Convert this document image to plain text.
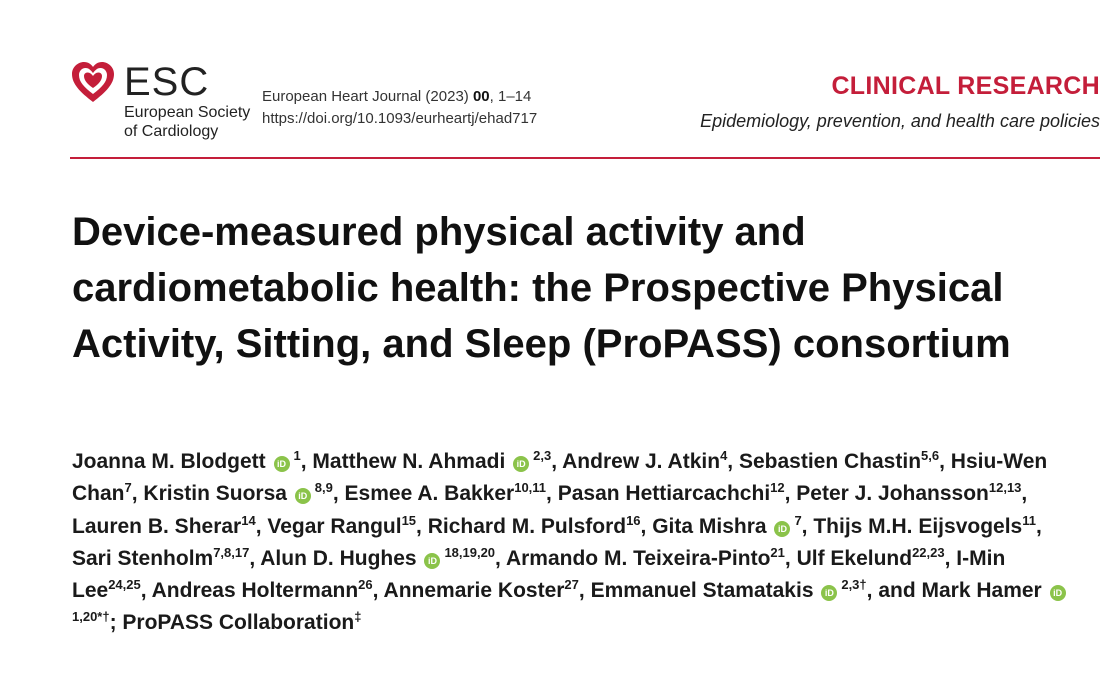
ESC
European Society of Cardiology
European Heart Journal (2023) 00, 1–14
https://doi.org/10.1093/eurheartj/ehad717
CLINICAL RESEARCH
Epidemiology, prevention, and health care policies
Device-measured physical activity and cardiometabolic health: the Prospective Physical Activity, Sitting, and Sleep (ProPASS) consortium

Joanna M. Blodgett $iD^1$, Matthew N. Ahmadi iD$^{2,3}$, Andrew J. Atkin$^4$, Sebastien Chastin$^{5,6}$, Hsiu-Wen Chan$^7$, Kristin Suorsa iD$^{8,9}$, Esmee A. Bakker$^{10,11}$, Pasan Hettiarcachchi$^{12}$, Peter J. Johansson$^{12,13}$, Lauren B. Sherar$^{14}$, Vegar Rangul$^{15}$, Richard M. Pulsford$^{16}$, Gita Mishra $iD^7$, Thijs M.H. Eijsvogels$^{11}$, Sari Stenholm$^{7,8,17}$, Alun D. Hughes iD$^{18,19,20}$, Armando M. Teixeira-Pinto$^{21}$, Ulf Ekelund$^{22,23}$, I-Min Lee$^{24,25}$, Andreas Holtermann$^{26}$, Annemarie Koster$^{27}$, Emmanuel Stamatakis $iD^{2,3\dagger}$, and Mark Hamer $iD^{1,20*\dagger}$; ProPASS Collaboration‡
